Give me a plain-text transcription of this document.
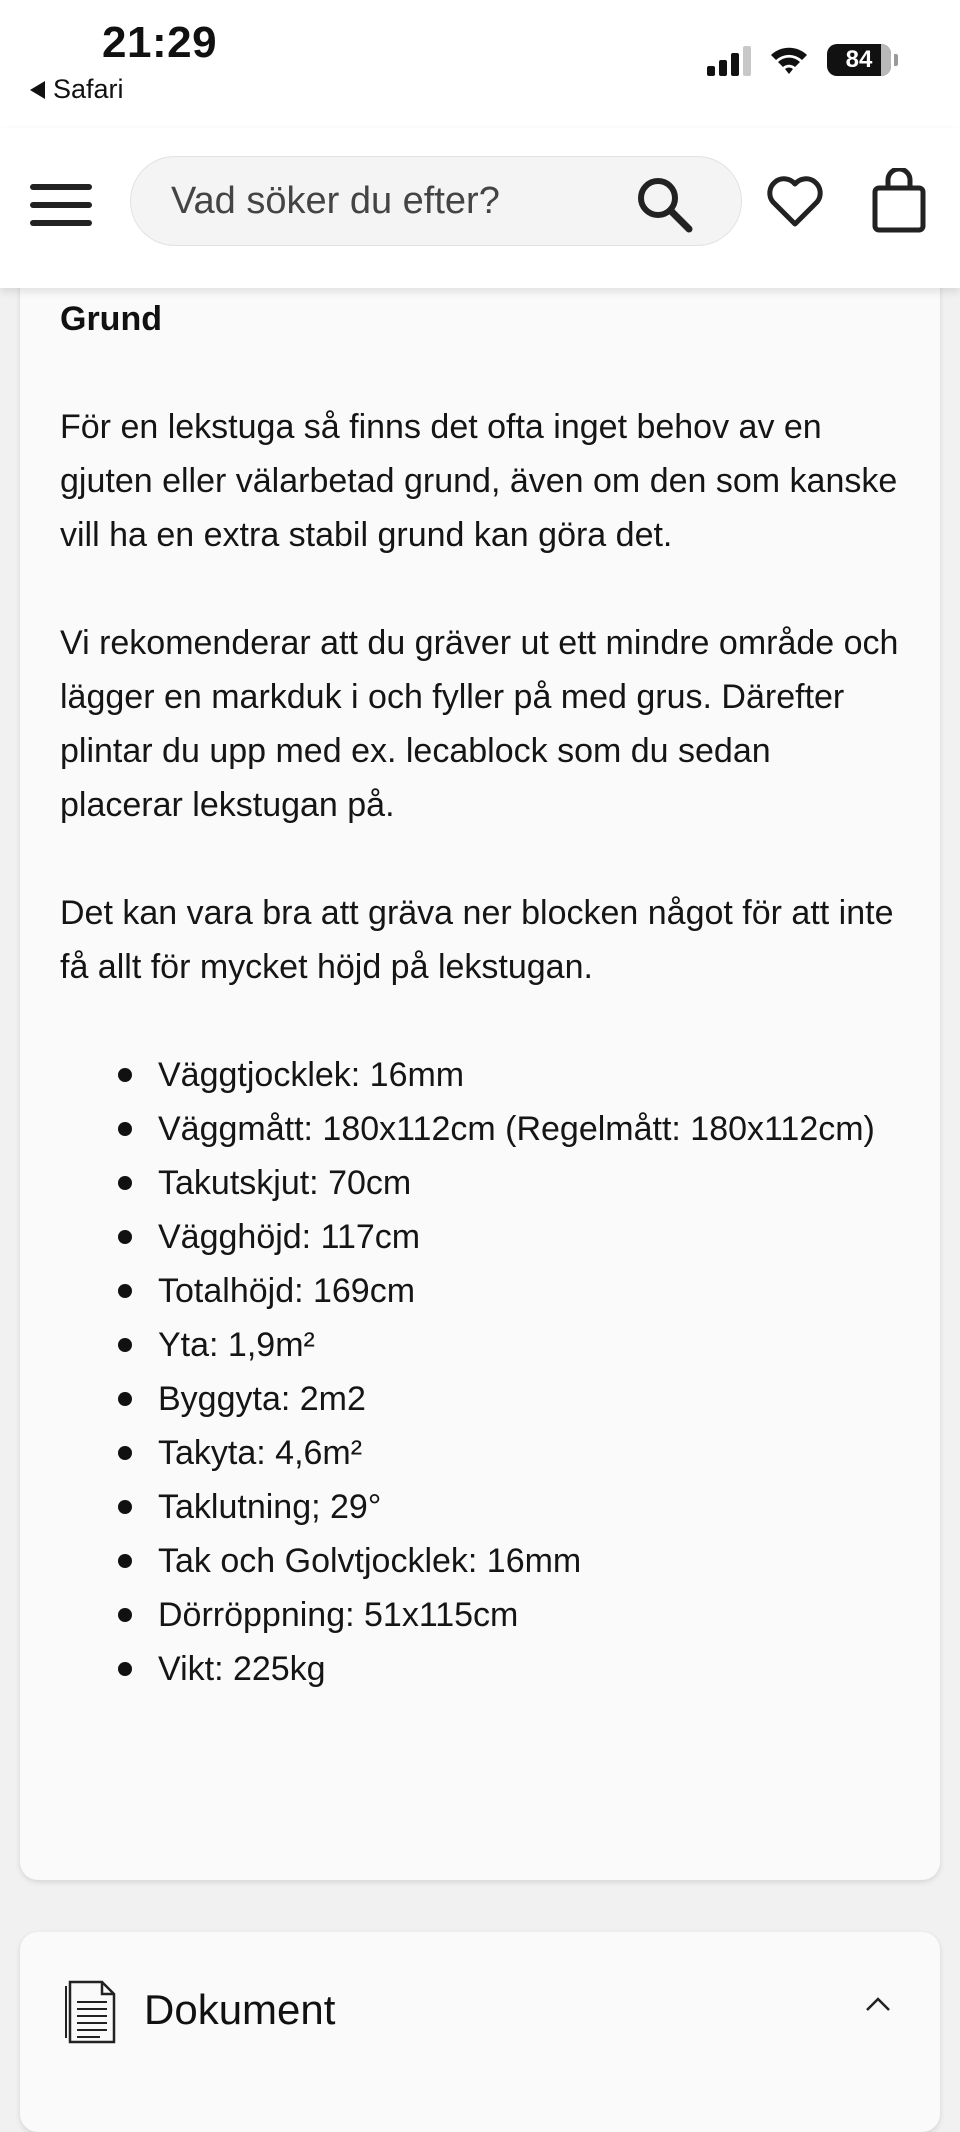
21:29
Safari
84
Vad söker du efter?
Grund

För en lekstuga så finns det ofta inget behov av en gjuten eller välarbetad grund, även om den som kanske vill ha en extra stabil grund kan göra det.

Vi rekomenderar att du gräver ut ett mindre område och lägger en markduk i och fyller på med grus. Därefter plintar du upp med ex. lecablock som du sedan placerar lekstugan på.

Det kan vara bra att gräva ner blocken något för att inte få allt för mycket höjd på lekstugan.

Väggtjocklek: 16mm
Väggmått: 180x112cm (Regelmått: 180x112cm)
Takutskjut: 70cm
Vägghöjd: 117cm
Totalhöjd: 169cm
Yta: 1,9m²
Byggyta: 2m2
Takyta: 4,6m²
Taklutning; 29°
Tak och Golvtjocklek: 16mm
Dörröppning: 51x115cm
Vikt: 225kg
Dokument
